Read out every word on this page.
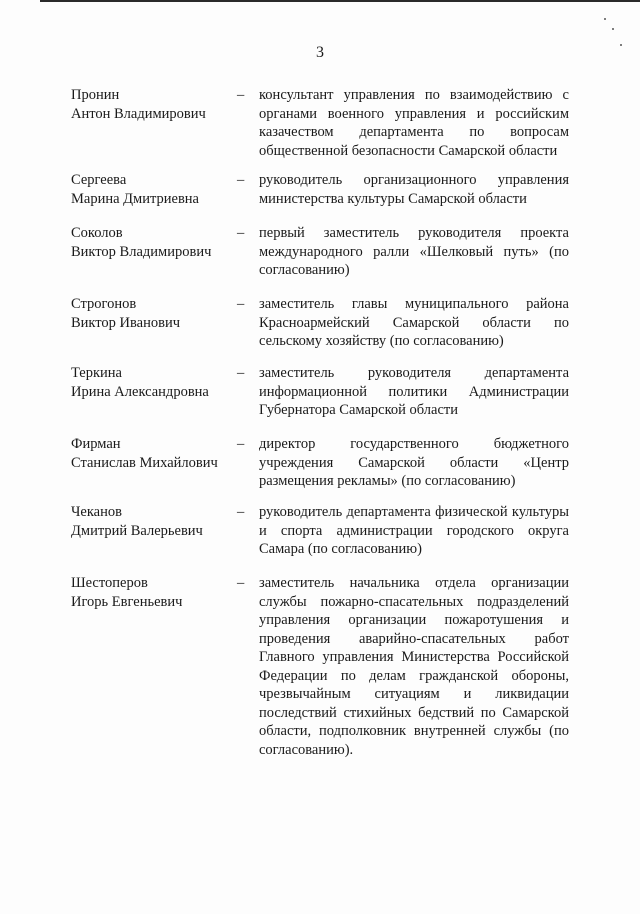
3
Пронин
Антон Владимирович
– консультант управления по взаимодействию с органами военного управления и российским казачеством департамента по вопросам общественной безопасности Самарской области
Сергеева
Марина Дмитриевна
– руководитель организационного управления министерства культуры Самарской области
Соколов
Виктор Владимирович
– первый заместитель руководителя проекта международного ралли «Шелковый путь» (по согласованию)
Строгонов
Виктор Иванович
– заместитель главы муниципального района Красноармейский Самарской области по сельскому хозяйству (по согласованию)
Теркина
Ирина Александровна
– заместитель руководителя департамента информационной политики Администрации Губернатора Самарской области
Фирман
Станислав Михайлович
– директор государственного бюджетного учреждения Самарской области «Центр размещения рекламы» (по согласованию)
Чеканов
Дмитрий Валерьевич
– руководитель департамента физической культуры и спорта администрации городского округа Самара (по согласованию)
Шестоперов
Игорь Евгеньевич
– заместитель начальника отдела организации службы пожарно-спасательных подразделений управления организации пожаротушения и проведения аварийно-спасательных работ Главного управления Министерства Российской Федерации по делам гражданской обороны, чрезвычайным ситуациям и ликвидации последствий стихийных бедствий по Самарской области, подполковник внутренней службы (по согласованию).
